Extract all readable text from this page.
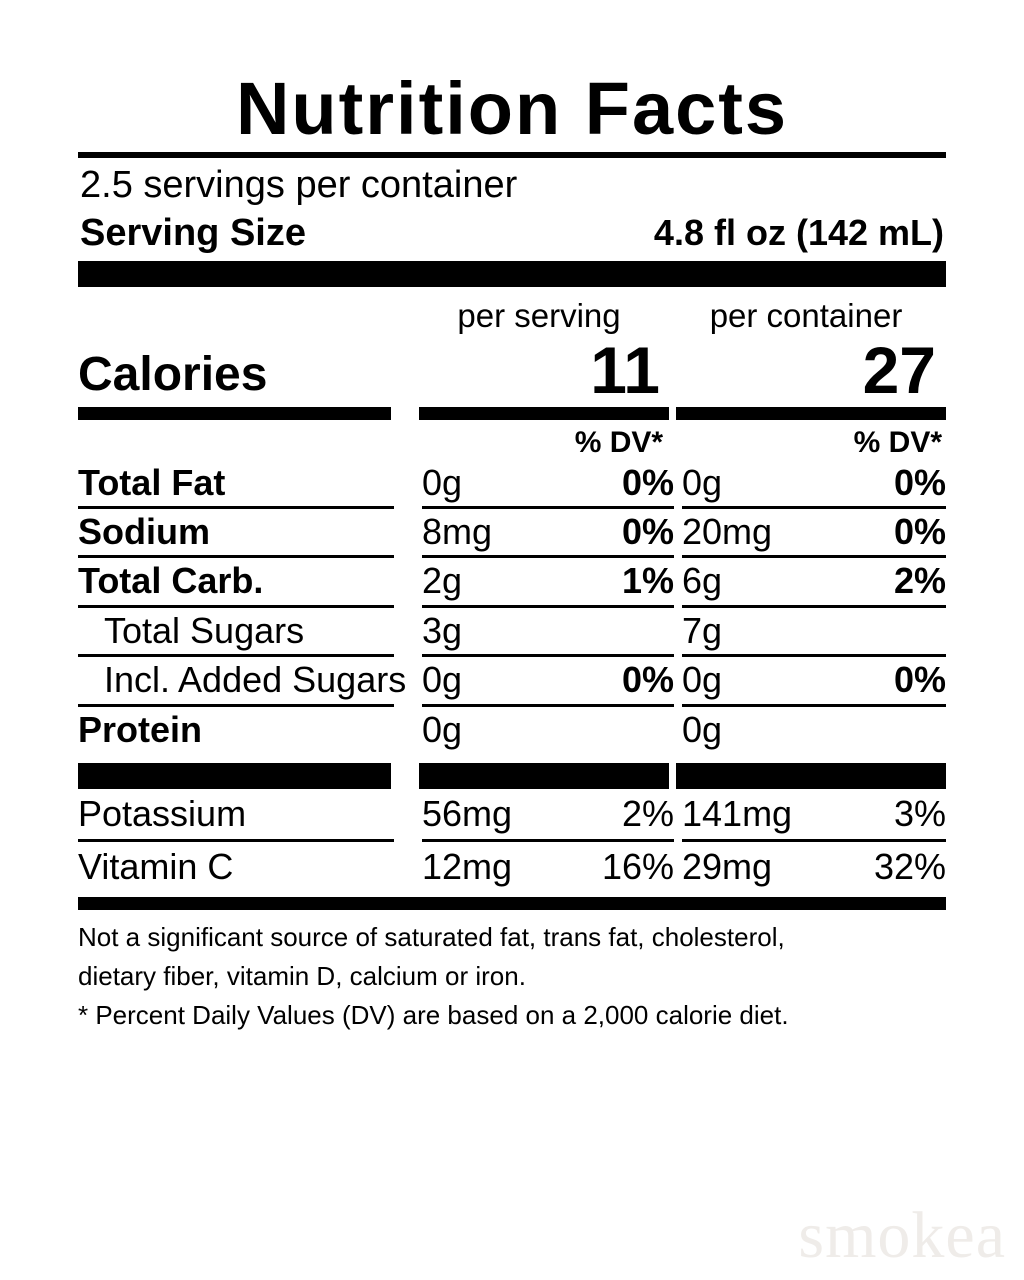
Nutrition Facts
2.5 servings per container
Serving Size	4.8 fl oz (142 mL)
per serving	per container
Calories	11	27
% DV*	% DV*
Total Fat		0g	0%		0g	0%
Sodium		8mg	0%		20mg	0%
Total Carb.		2g	1%		6g	2%
Total Sugars		3g			7g	
Incl. Added Sugars		0g	0%		0g	0%
Protein		0g			0g	
Potassium		56mg	2%		141mg	3%
Vitamin C		12mg	16%		29mg	32%

Not a significant source of saturated fat, trans fat, cholesterol,

dietary fiber, vitamin D, calcium or iron.

* Percent Daily Values (DV) are based on a 2,000 calorie diet.

smokea
